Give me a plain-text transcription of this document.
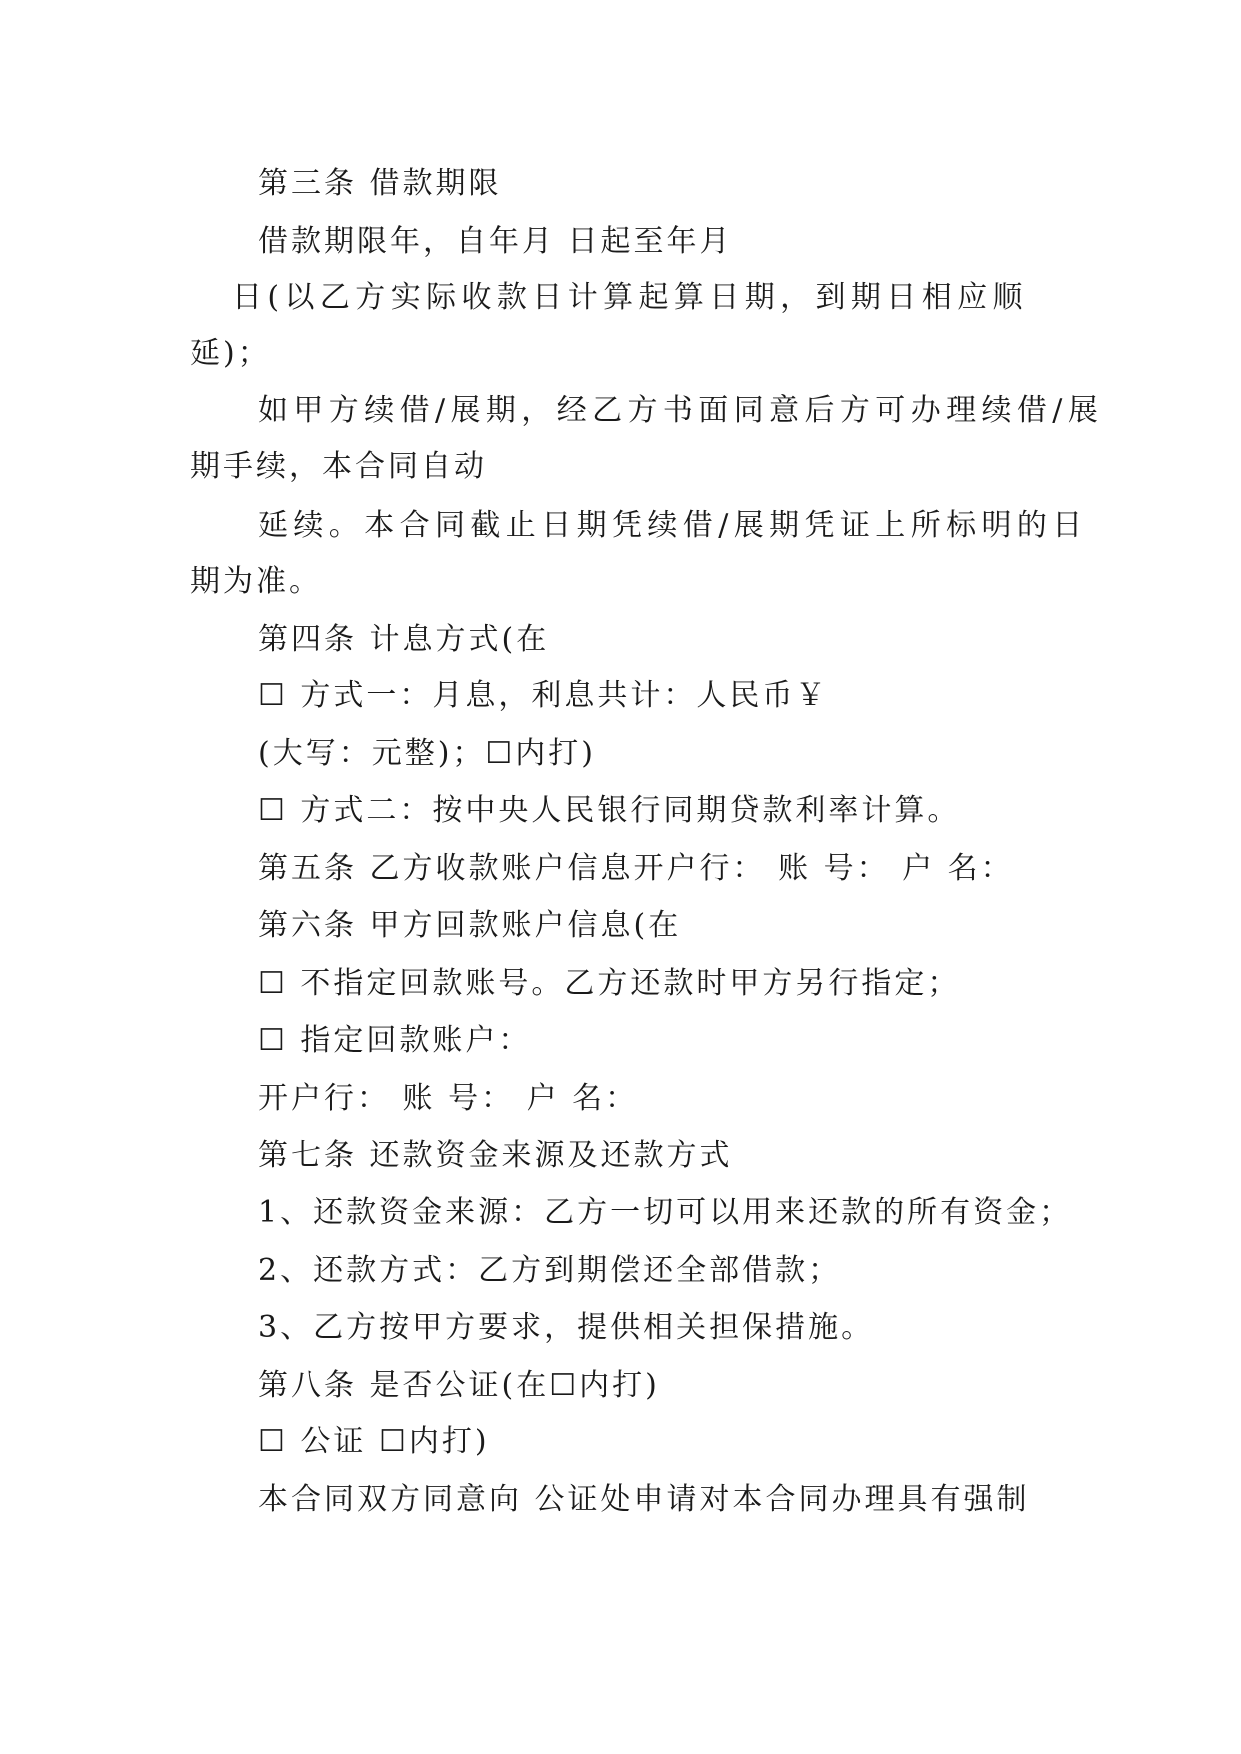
第三条 借款期限
借款期限年，自年月 日起至年月
日(以乙方实际收款日计算起算日期，到期日相应顺
延)；
如甲方续借/展期，经乙方书面同意后方可办理续借/展
期手续，本合同自动
延续。本合同截止日期凭续借/展期凭证上所标明的日
期为准。
第四条 计息方式(在
☐ 方式一：月息，利息共计：人民币￥
(大写：元整)；☐内打)
☐ 方式二：按中央人民银行同期贷款利率计算。
第五条 乙方收款账户信息开户行： 账 号： 户 名：
第六条 甲方回款账户信息(在
☐ 不指定回款账号。乙方还款时甲方另行指定；
☐ 指定回款账户：
开户行： 账 号： 户 名：
第七条 还款资金来源及还款方式
1、还款资金来源：乙方一切可以用来还款的所有资金；
2、还款方式：乙方到期偿还全部借款；
3、乙方按甲方要求，提供相关担保措施。
第八条 是否公证(在☐内打)
☐ 公证 ☐内打)
本合同双方同意向 公证处申请对本合同办理具有强制
